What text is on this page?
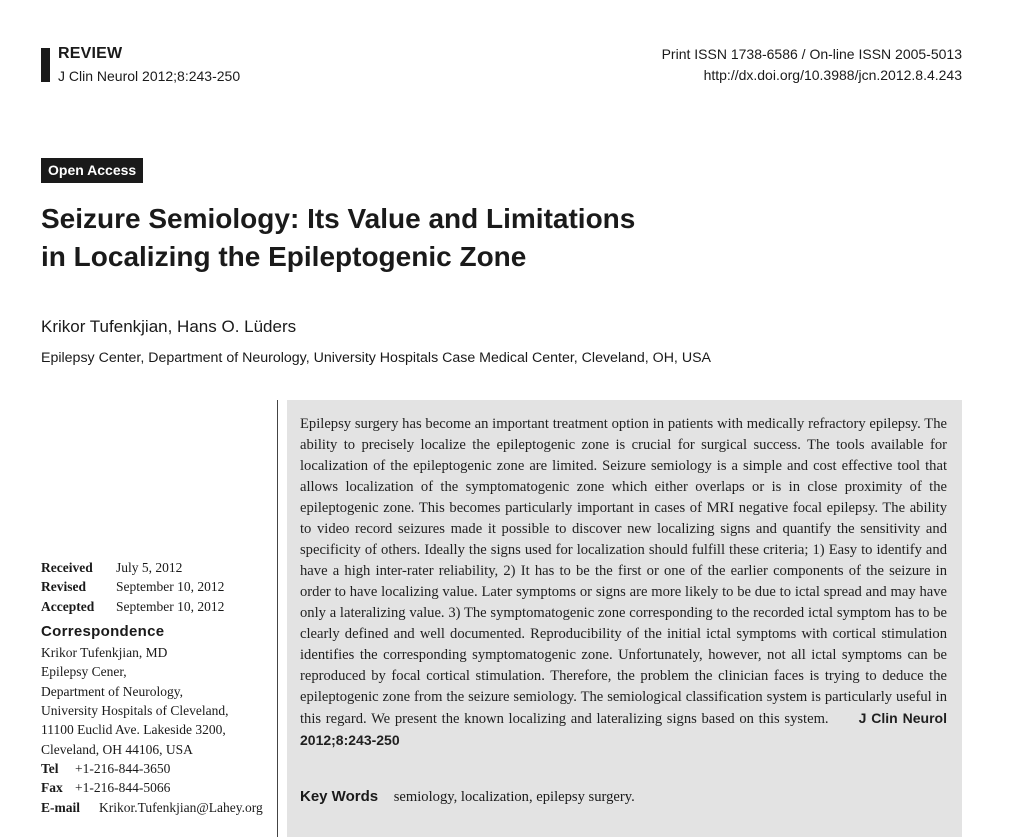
REVIEW
J Clin Neurol 2012;8:243-250
Print ISSN 1738-6586 / On-line ISSN 2005-5013
http://dx.doi.org/10.3988/jcn.2012.8.4.243
Open Access
Seizure Semiology: Its Value and Limitations
in Localizing the Epileptogenic Zone
Krikor Tufenkjian, Hans O. Lüders
Epilepsy Center, Department of Neurology, University Hospitals Case Medical Center, Cleveland, OH, USA
Received	July 5, 2012
Revised	September 10, 2012
Accepted	September 10, 2012
Correspondence
Krikor Tufenkjian, MD
Epilepsy Cener,
Department of Neurology,
University Hospitals of Cleveland,
11100 Euclid Ave. Lakeside 3200,
Cleveland, OH 44106, USA
Tel	+1-216-844-3650
Fax +1-216-844-5066
E-mail	Krikor.Tufenkjian@Lahey.org
Epilepsy surgery has become an important treatment option in patients with medically refractory epilepsy. The ability to precisely localize the epileptogenic zone is crucial for surgical success. The tools available for localization of the epileptogenic zone are limited. Seizure semiology is a simple and cost effective tool that allows localization of the symptomatogenic zone which either overlaps or is in close proximity of the epileptogenic zone. This becomes particularly important in cases of MRI negative focal epilepsy. The ability to video record seizures made it possible to discover new localizing signs and quantify the sensitivity and specificity of others. Ideally the signs used for localization should fulfill these criteria; 1) Easy to identify and have a high inter-rater reliability, 2) It has to be the first or one of the earlier components of the seizure in order to have localizing value. Later symptoms or signs are more likely to be due to ictal spread and may have only a lateralizing value. 3) The symptomatogenic zone corresponding to the recorded ictal symptom has to be clearly defined and well documented. Reproducibility of the initial ictal symptoms with cortical stimulation identifies the corresponding symptomatogenic zone. Unfortunately, however, not all ictal symptoms can be reproduced by focal cortical stimulation. Therefore, the problem the clinician faces is trying to deduce the epileptogenic zone from the seizure semiology. The semiological classification system is particularly useful in this regard. We present the known localizing and lateralizing signs based on this system. J Clin Neurol 2012;8:243-250
Key Words semiology, localization, epilepsy surgery.
